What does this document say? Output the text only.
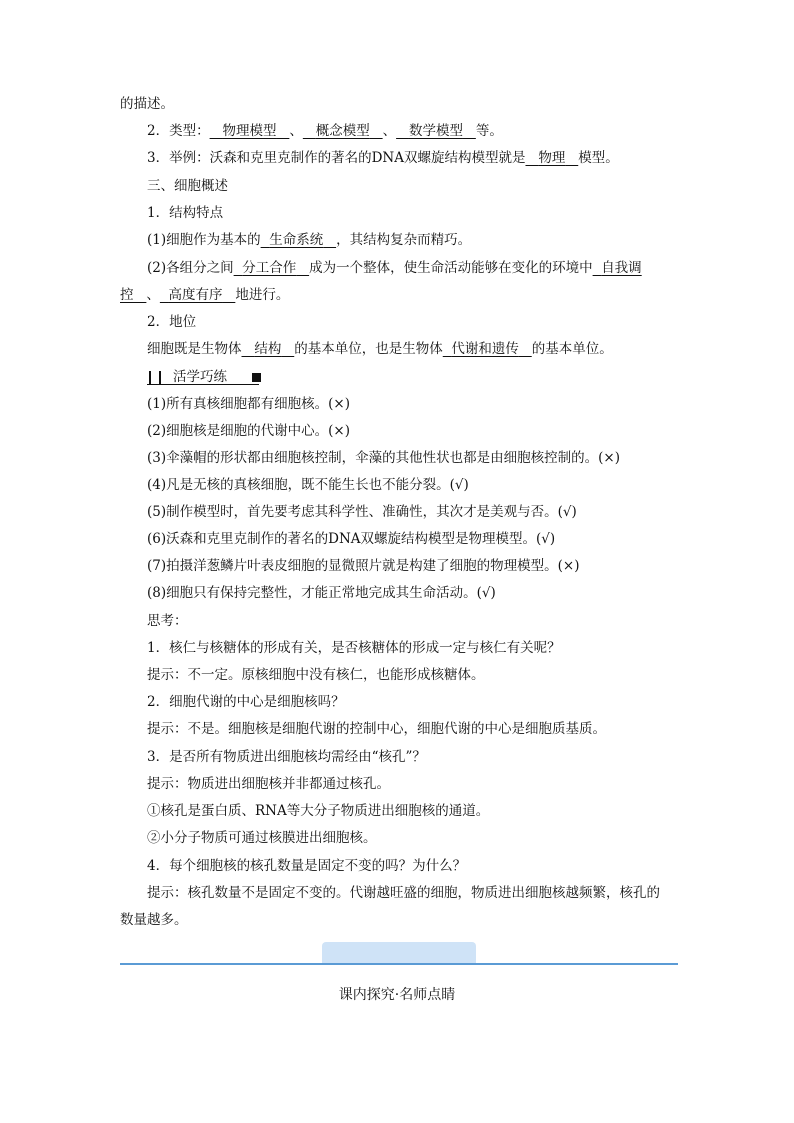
的描述。
2．类型： 物理模型 、 概念模型 、 数学模型 等。
3．举例：沃森和克里克制作的著名的DNA双螺旋结构模型就是 物理 模型。
三、细胞概述
1．结构特点
(1)细胞作为基本的 生命系统 ，其结构复杂而精巧。
(2)各组分之间 分工合作 成为一个整体，使生命活动能够在变化的环境中 自我调
控 、 高度有序 地进行。
2．地位
细胞既是生物体 结构 的基本单位，也是生物体 代谢和遗传 的基本单位。
活学巧练
(1)所有真核细胞都有细胞核。(×)
(2)细胞核是细胞的代谢中心。(×)
(3)伞藻帽的形状都由细胞核控制，伞藻的其他性状也都是由细胞核控制的。(×)
(4)凡是无核的真核细胞，既不能生长也不能分裂。(√)
(5)制作模型时，首先要考虑其科学性、准确性，其次才是美观与否。(√)
(6)沃森和克里克制作的著名的DNA双螺旋结构模型是物理模型。(√)
(7)拍摄洋葱鳞片叶表皮细胞的显微照片就是构建了细胞的物理模型。(×)
(8)细胞只有保持完整性，才能正常地完成其生命活动。(√)
思考：
1．核仁与核糖体的形成有关，是否核糖体的形成一定与核仁有关呢？
提示：不一定。原核细胞中没有核仁，也能形成核糖体。
2．细胞代谢的中心是细胞核吗？
提示：不是。细胞核是细胞代谢的控制中心，细胞代谢的中心是细胞质基质。
3．是否所有物质进出细胞核均需经由“核孔”？
提示：物质进出细胞核并非都通过核孔。
①核孔是蛋白质、RNA等大分子物质进出细胞核的通道。
②小分子物质可通过核膜进出细胞核。
4．每个细胞核的核孔数量是固定不变的吗？为什么？
提示：核孔数量不是固定不变的。代谢越旺盛的细胞，物质进出细胞核越频繁，核孔的
数量越多。
课内探究·名师点睛
